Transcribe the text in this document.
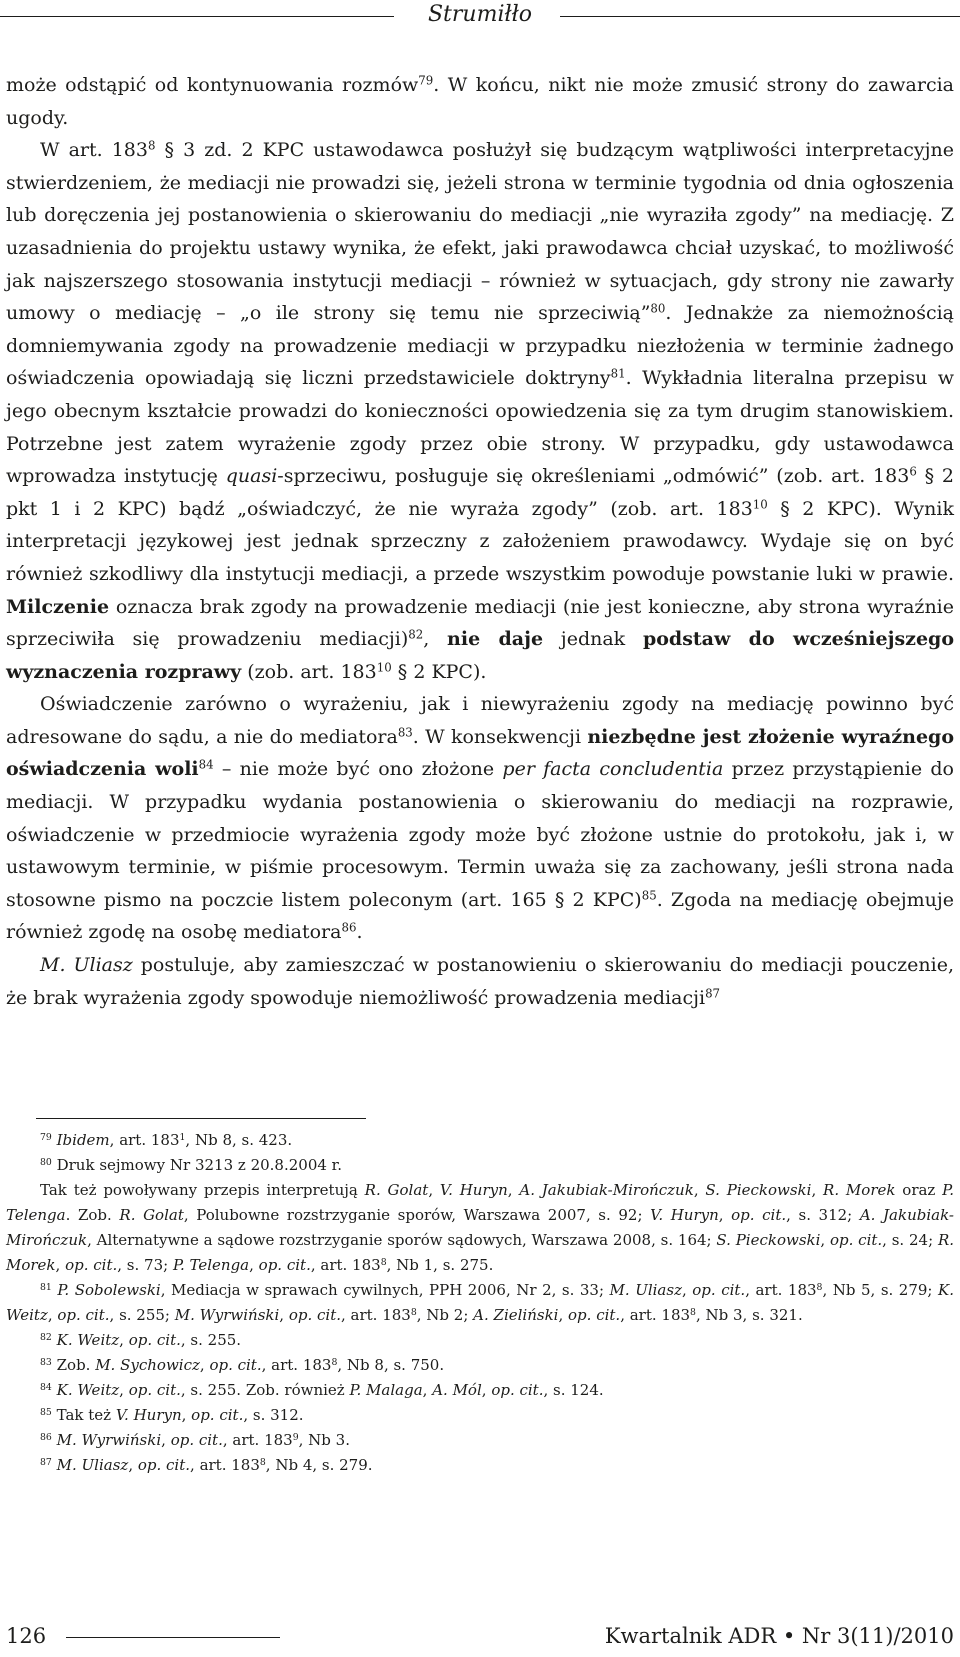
Strumiłło

może odstąpić od kontynuowania rozmów$^{79}$. W końcu, nikt nie może zmusić strony do zawarcia ugody.

W art. $183^8$ § 3 zd. 2 KPC ustawodawca posłużył się budzącym wątpliwości interpretacyjne stwierdzeniem, że mediacji nie prowadzi się, jeżeli strona w terminie tygodnia od dnia ogłoszenia lub doręczenia jej postanowienia o skierowaniu do mediacji „nie wyraziła zgody” na mediację. Z uzasadnienia do projektu ustawy wynika, że efekt, jaki prawodawca chciał uzyskać, to możliwość jak najszerszego stosowania instytucji mediacji – również w sytuacjach, gdy strony nie zawarły umowy o mediację – „o ile strony się temu nie sprzeciwią”$^{80}$. Jednakże za niemożnością domniemywania zgody na prowadzenie mediacji w przypadku niezłożenia w terminie żadnego oświadczenia opowiadają się liczni przedstawiciele doktryny$^{81}$. Wykładnia literalna przepisu w jego obecnym kształcie prowadzi do konieczności opowiedzenia się za tym drugim stanowiskiem. Potrzebne jest zatem wyrażenie zgody przez obie strony. W przypadku, gdy ustawodawca wprowadza instytucję quasi-sprzeciwu, posługuje się określeniami „odmówić” (zob. art. $183^6$ § 2 pkt 1 i 2 KPC) bądź „oświadczyć, że nie wyraża zgody” (zob. art. $183^{10}$ § 2 KPC). Wynik interpretacji językowej jest jednak sprzeczny z założeniem prawodawcy. Wydaje się on być również szkodliwy dla instytucji mediacji, a przede wszystkim powoduje powstanie luki w prawie. Milczenie oznacza brak zgody na prowadzenie mediacji (nie jest konieczne, aby strona wyraźnie sprzeciwiła się prowadzeniu mediacji)$^{82}$, nie daje jednak podstaw do wcześniejszego wyznaczenia rozprawy (zob. art. $183^{10}$ § 2 KPC).

Oświadczenie zarówno o wyrażeniu, jak i niewyrażeniu zgody na mediację powinno być adresowane do sądu, a nie do mediatora$^{83}$. W konsekwencji niezbędne jest złożenie wyraźnego oświadczenia woli$^{84}$ – nie może być ono złożone per facta concludentia przez przystąpienie do mediacji. W przypadku wydania postanowienia o skierowaniu do mediacji na rozprawie, oświadczenie w przedmiocie wyrażenia zgody może być złożone ustnie do protokołu, jak i, w ustawowym terminie, w piśmie procesowym. Termin uważa się za zachowany, jeśli strona nada stosowne pismo na poczcie listem poleconym (art. 165 § 2 KPC)$^{85}$. Zgoda na mediację obejmuje również zgodę na osobę mediatora$^{86}$.

M. Uliasz postuluje, aby zamieszczać w postanowieniu o skierowaniu do mediacji pouczenie, że brak wyrażenia zgody spowoduje niemożliwość prowadzenia mediacji$^{87}$

$^{79}$ Ibidem, art. $183^1$, Nb 8, s. 423.

$^{80}$ Druk sejmowy Nr 3213 z 20.8.2004 r.

Tak też powoływany przepis interpretują R. Golat, V. Huryn, A. Jakubiak-Mirończuk, S. Pieckowski, R. Morek oraz P. Telenga. Zob. R. Golat, Polubowne rozstrzyganie sporów, Warszawa 2007, s. 92; V. Huryn, op. cit., s. 312; A. Jakubiak-Mirończuk, Alternatywne a sądowe rozstrzyganie sporów sądowych, Warszawa 2008, s. 164; S. Pieckowski, op. cit., s. 24; R. Morek, op. cit., s. 73; P. Telenga, op. cit., art. $183^8$, Nb 1, s. 275.

$^{81}$ P. Sobolewski, Mediacja w sprawach cywilnych, PPH 2006, Nr 2, s. 33; M. Uliasz, op. cit., art. $183^8$, Nb 5, s. 279; K. Weitz, op. cit., s. 255; M. Wyrwiński, op. cit., art. $183^8$, Nb 2; A. Zieliński, op. cit., art. $183^8$, Nb 3, s. 321.

$^{82}$ K. Weitz, op. cit., s. 255.

$^{83}$ Zob. M. Sychowicz, op. cit., art. $183^8$, Nb 8, s. 750.

$^{84}$ K. Weitz, op. cit., s. 255. Zob. również P. Malaga, A. Mól, op. cit., s. 124.

$^{85}$ Tak też V. Huryn, op. cit., s. 312.

$^{86}$ M. Wyrwiński, op. cit., art. $183^9$, Nb 3.

$^{87}$ M. Uliasz, op. cit., art. $183^8$, Nb 4, s. 279.

126	Kwartalnik ADR • Nr 3(11)/2010
